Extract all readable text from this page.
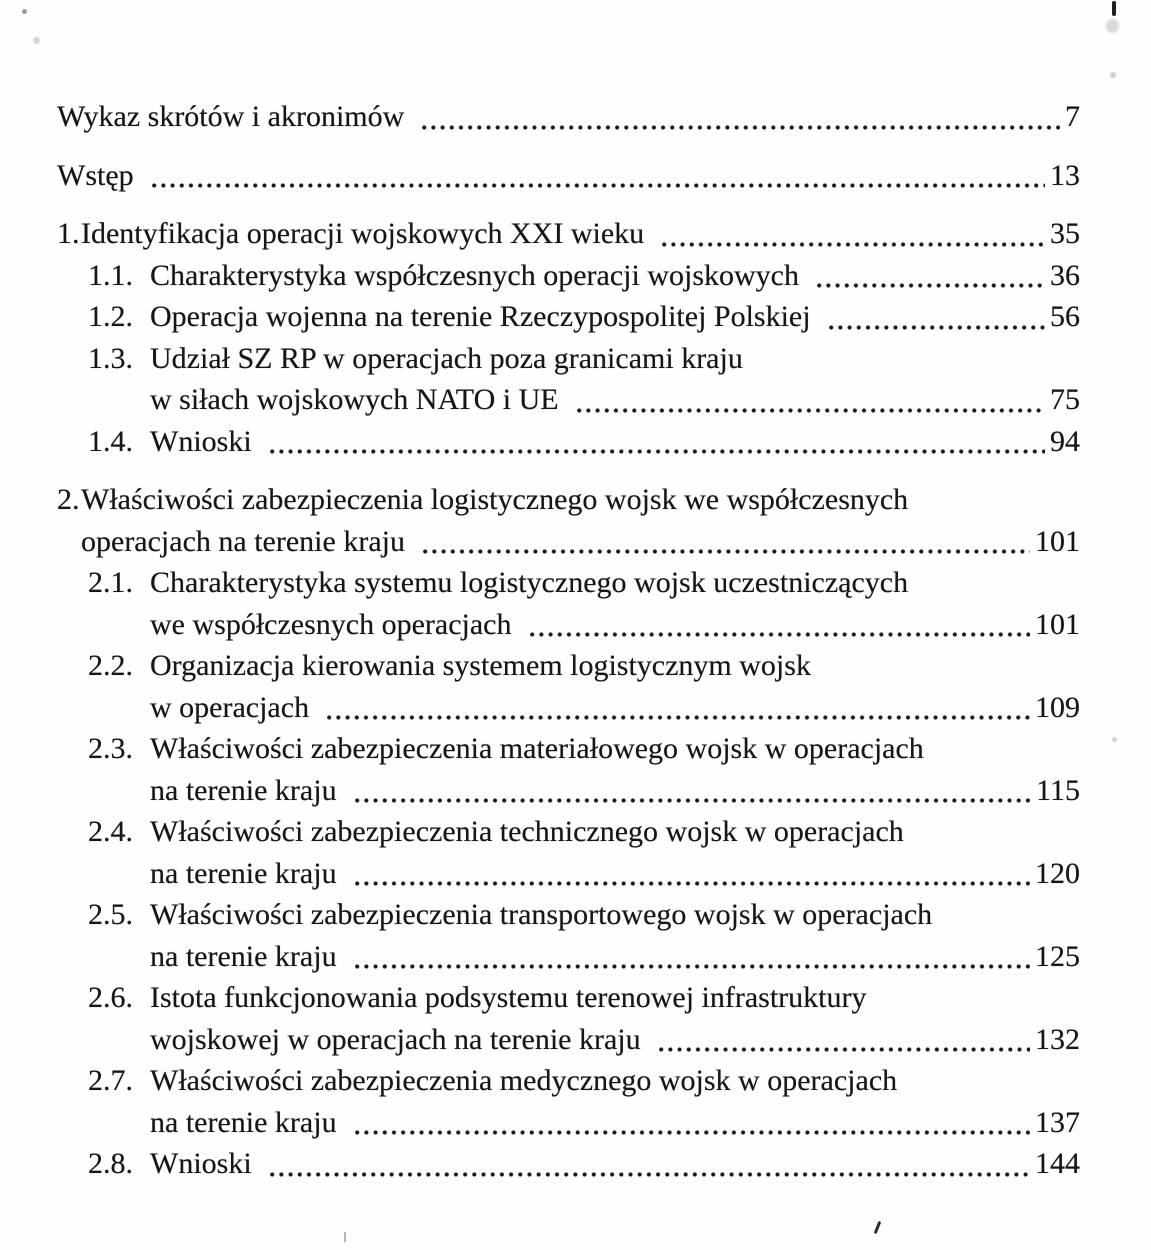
Wykaz skrótów i akronimów	7
Wstęp	13
1. Identyfikacja operacji wojskowych XXI wieku	35
1.1. Charakterystyka współczesnych operacji wojskowych	36
1.2. Operacja wojenna na terenie Rzeczypospolitej Polskiej	56
1.3. Udział SZ RP w operacjach poza granicami kraju
w siłach wojskowych NATO i UE	75
1.4. Wnioski	94
2. Właściwości zabezpieczenia logistycznego wojsk we współczesnych
operacjach na terenie kraju	101
2.1. Charakterystyka systemu logistycznego wojsk uczestniczących
we współczesnych operacjach	101
2.2. Organizacja kierowania systemem logistycznym wojsk
w operacjach	109
2.3. Właściwości zabezpieczenia materiałowego wojsk w operacjach
na terenie kraju	115
2.4. Właściwości zabezpieczenia technicznego wojsk w operacjach
na terenie kraju	120
2.5. Właściwości zabezpieczenia transportowego wojsk w operacjach
na terenie kraju	125
2.6. Istota funkcjonowania podsystemu terenowej infrastruktury
wojskowej w operacjach na terenie kraju	132
2.7. Właściwości zabezpieczenia medycznego wojsk w operacjach
na terenie kraju	137
2.8. Wnioski	144
